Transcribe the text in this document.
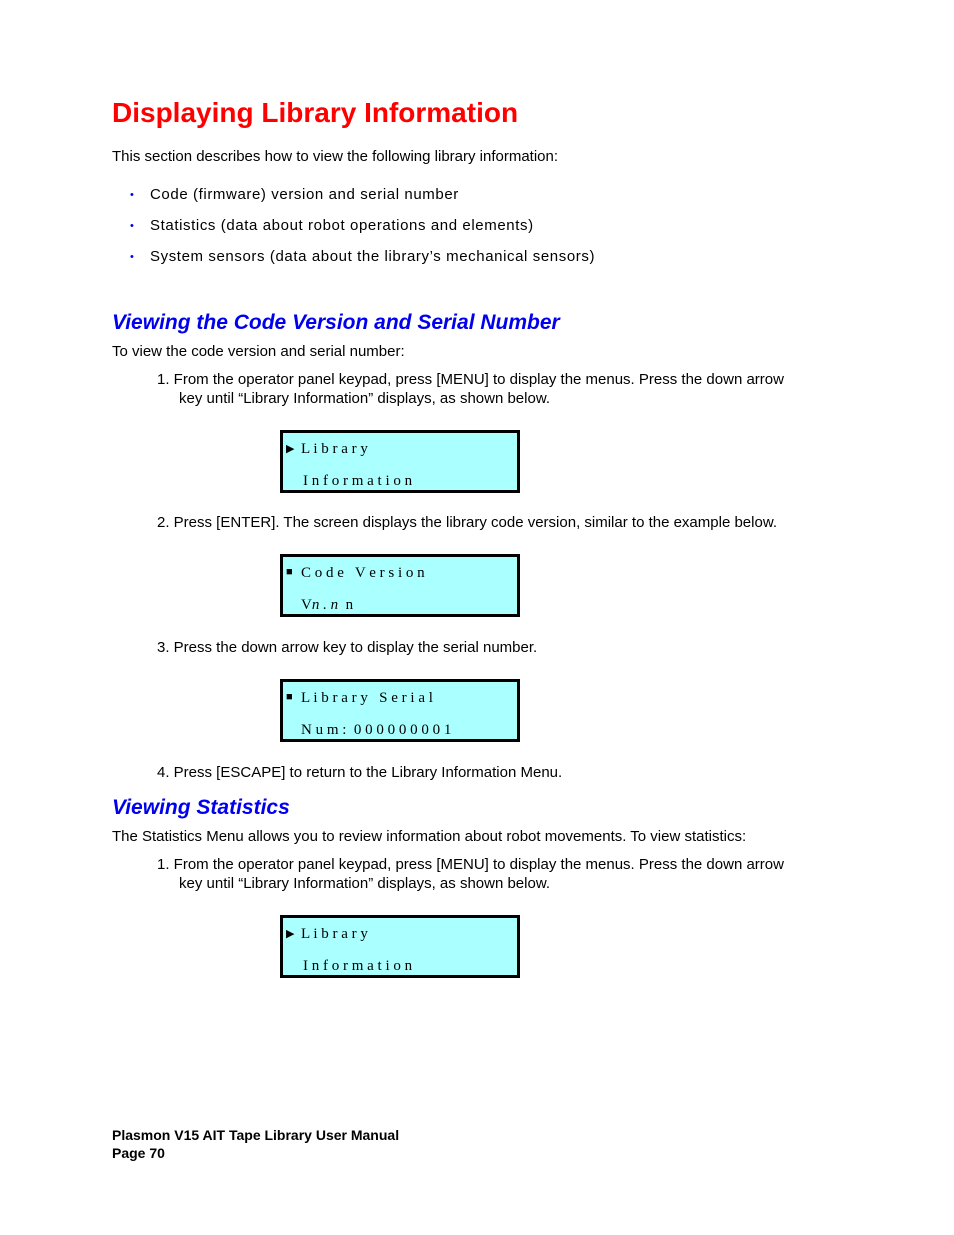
Displaying Library Information
This section describes how to view the following library information:
• Code (firmware) version and serial number
• Statistics (data about robot operations and elements)
• System sensors (data about the library’s mechanical sensors)
Viewing the Code Version and Serial Number
To view the code version and serial number:
1. From the operator panel keypad, press [MENU] to display the menus. Press the down arrow
key until “Library Information” displays, as shown below.
▶ L i b r a r y
I n f o r m a t i o n
2. Press [ENTER]. The screen displays the library code version, similar to the example below.
■ C o d e   V e r s i o n
Vn . n  n
3. Press the down arrow key to display the serial number.
■ L i b r a r y   S e r i a l
N u m :  0 0 0 0 0 0 0 0 1
4. Press [ESCAPE] to return to the Library Information Menu.
Viewing Statistics
The Statistics Menu allows you to review information about robot movements. To view statistics:
1. From the operator panel keypad, press [MENU] to display the menus. Press the down arrow
key until “Library Information” displays, as shown below.
▶ L i b r a r y
I n f o r m a t i o n
Plasmon V15 AIT Tape Library User Manual
Page 70
